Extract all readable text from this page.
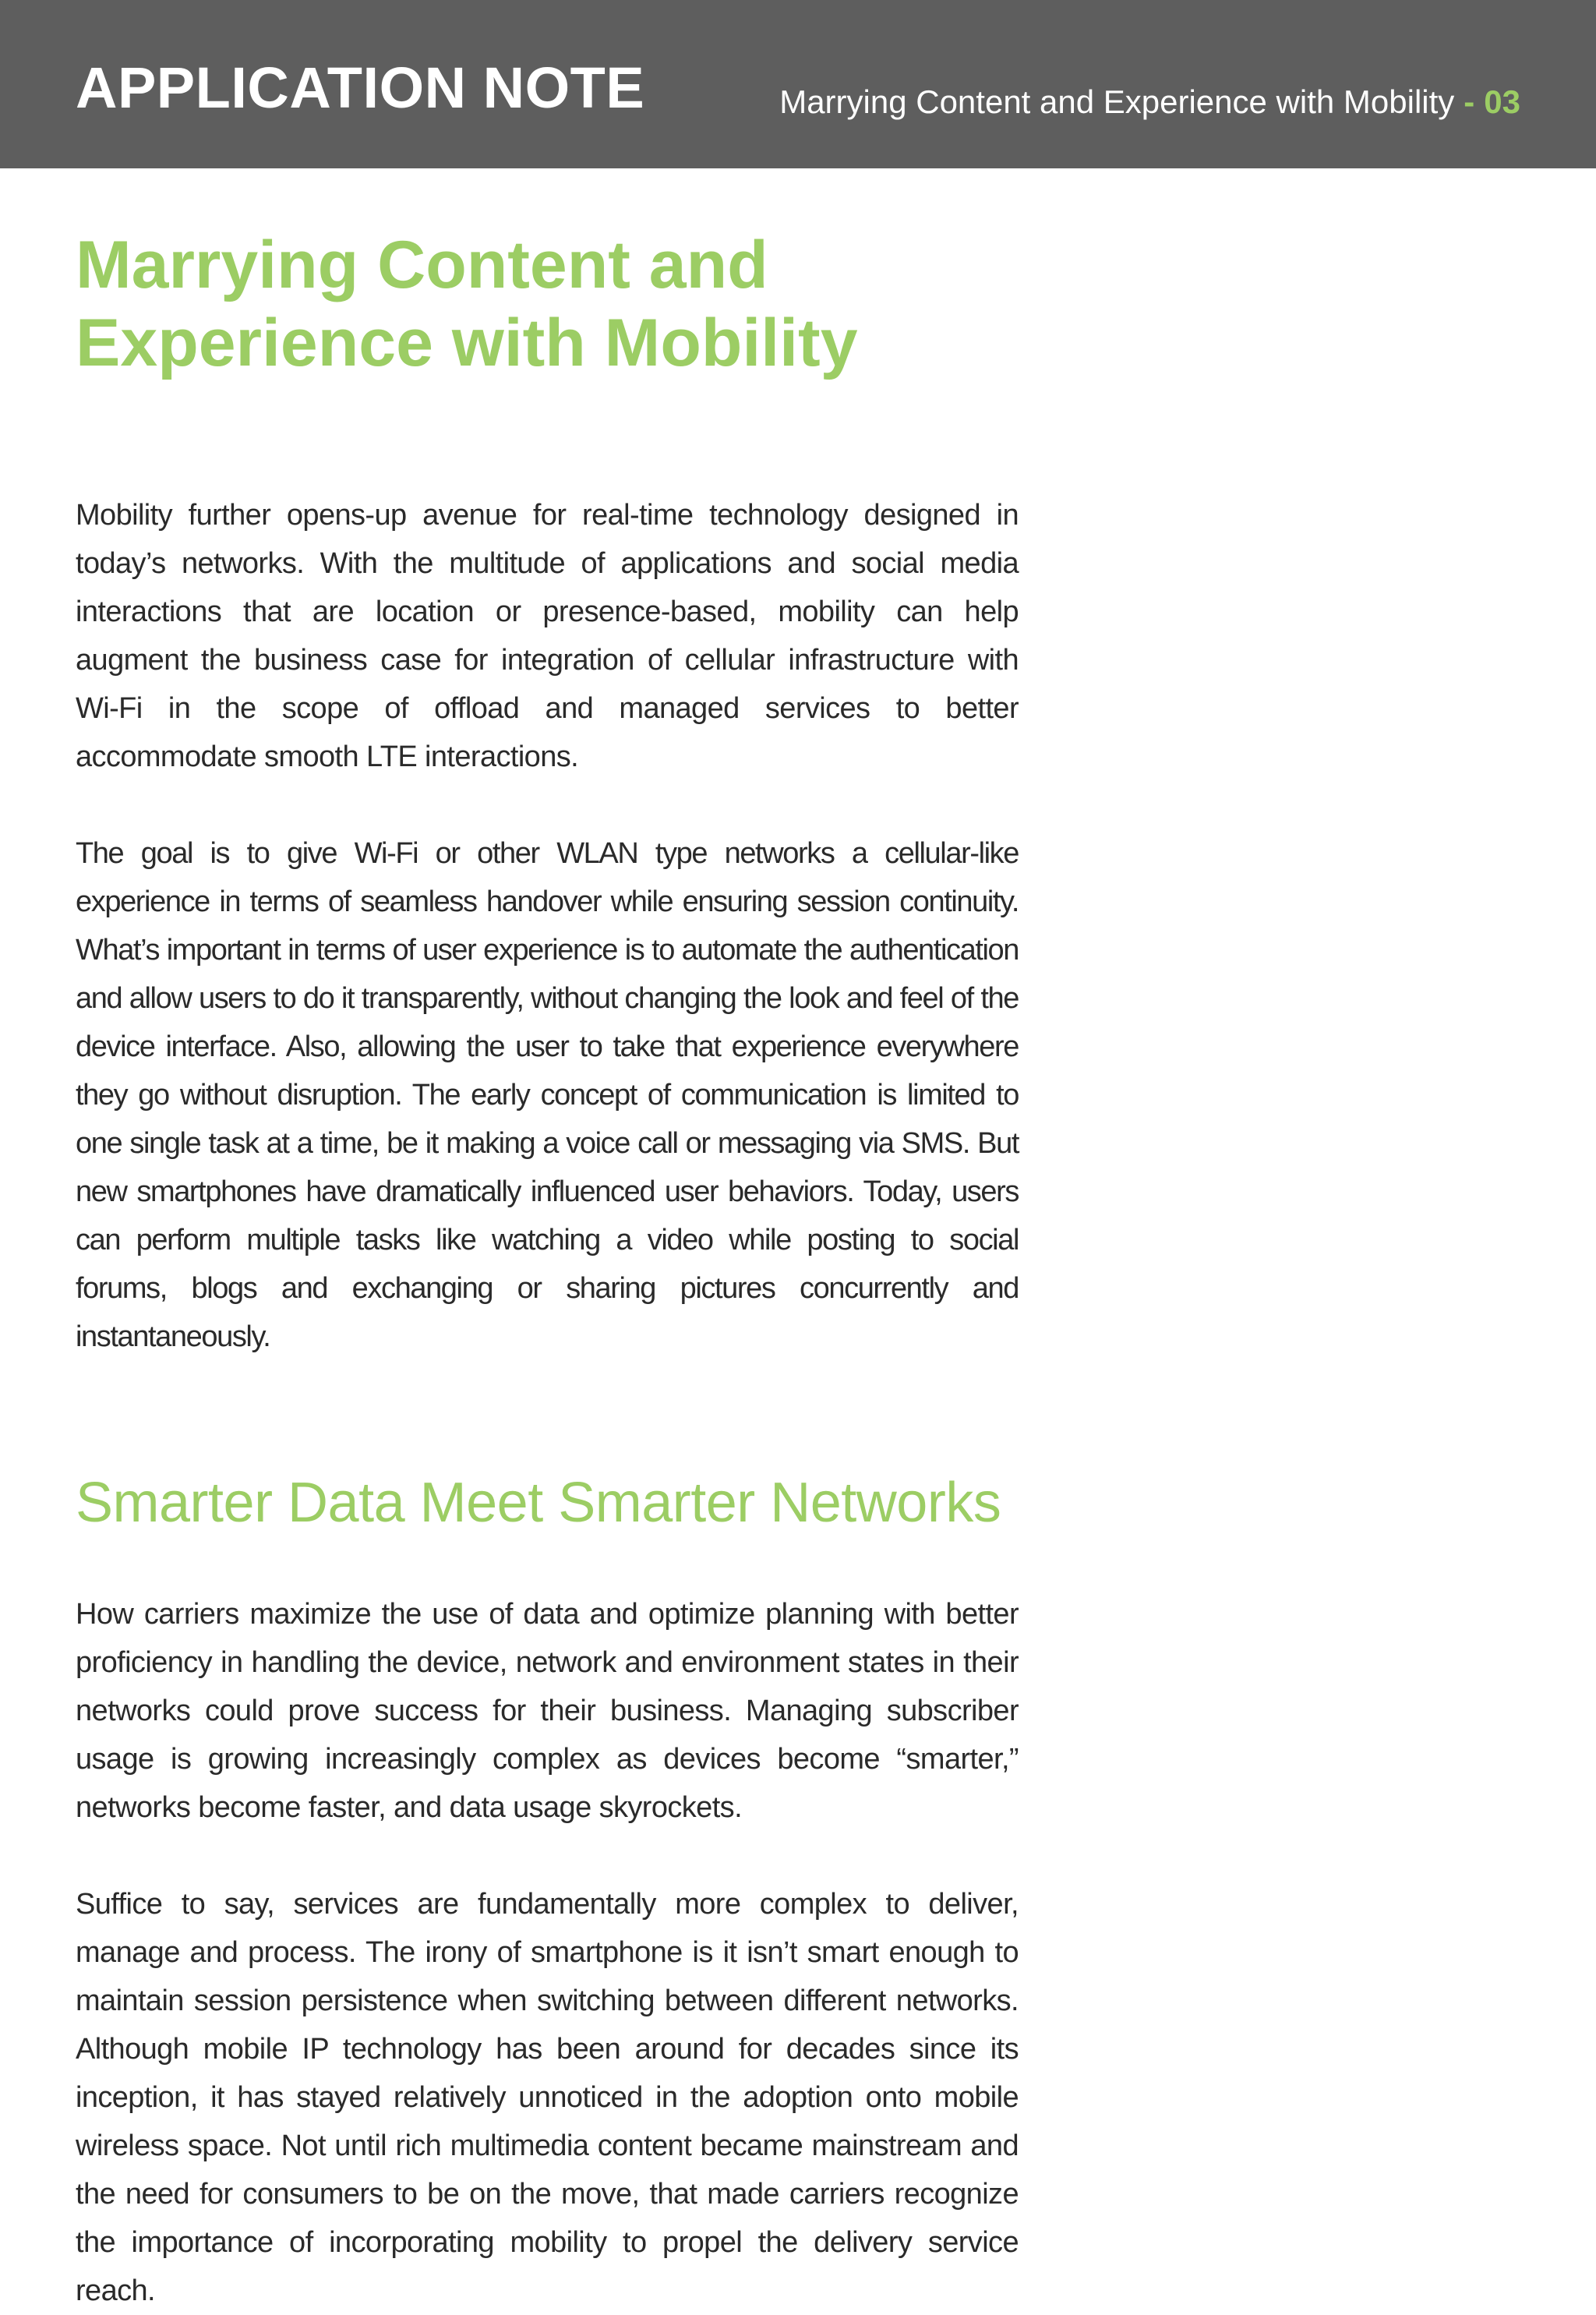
APPLICATION NOTE	Marrying Content and Experience with Mobility - 03
Marrying Content and
Experience with Mobility

Mobility further opens-up avenue for real-time technology designed in today’s networks. With the multitude of applications and social media interactions that are location or presence-based, mobility can help augment the business case for integration of cellular infrastructure with Wi-Fi in the scope of offload and managed services to better accommodate smooth LTE interactions.

The goal is to give Wi-Fi or other WLAN type networks a cellular-like experience in terms of seamless handover while ensuring session continuity. What’s important in terms of user experience is to automate the authentication and allow users to do it transparently, without changing the look and feel of the device interface. Also, allowing the user to take that experience everywhere they go without disruption. The early concept of communication is limited to one single task at a time, be it making a voice call or messaging via SMS. But new smartphones have dramatically influenced user behaviors. Today, users can perform multiple tasks like watching a video while posting to social forums, blogs and exchanging or sharing pictures concurrently and instantaneously.

Smarter Data Meet Smarter Networks

How carriers maximize the use of data and optimize planning with better proficiency in handling the device, network and environment states in their networks could prove success for their business. Managing subscriber usage is growing increasingly complex as devices become “smarter,” networks become faster, and data usage skyrockets.

Suffice to say, services are fundamentally more complex to deliver, manage and process. The irony of smartphone is it isn’t smart enough to maintain session persistence when switching between different networks. Although mobile IP technology has been around for decades since its inception, it has stayed relatively unnoticed in the adoption onto mobile wireless space. Not until rich multimedia content became mainstream and the need for consumers to be on the move, that made carriers recognize the importance of incorporating mobility to propel the delivery service reach.
